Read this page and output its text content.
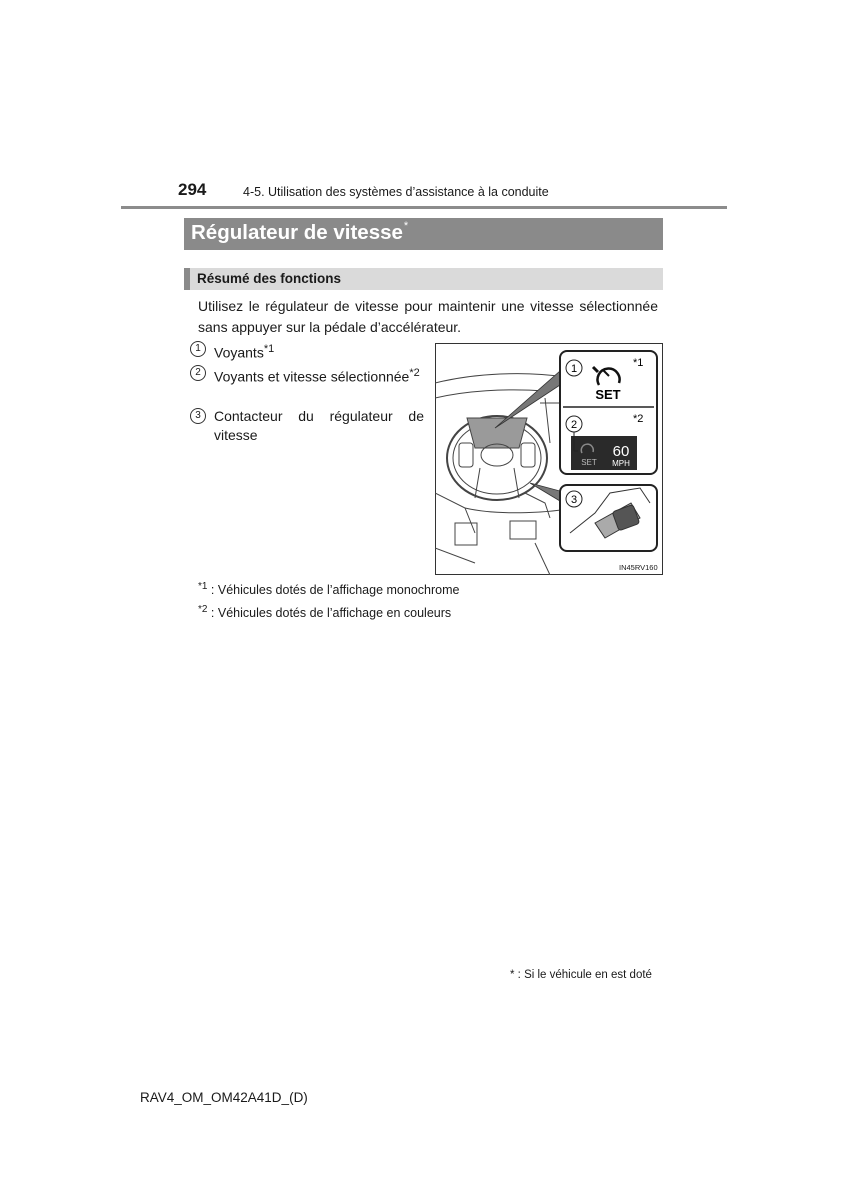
294	4-5. Utilisation des systèmes d’assistance à la conduite
Régulateur de vitesse*
Résumé des fonctions
Utilisez le régulateur de vitesse pour maintenir une vitesse sélectionnée sans appuyer sur la pédale d’accélérateur.
1 Voyants$^{*1}$
2 Voyants et vitesse sélectionnée$^{*2}$
3 Contacteur du régulateur de vitesse
1	*1
SET
2	*2
SET
60
MPH
3
IN45RV160
$^{*1}$ : Véhicules dotés de l’affichage monochrome
$^{*2}$ : Véhicules dotés de l’affichage en couleurs
* : Si le véhicule en est doté
RAV4_OM_OM42A41D_(D)
